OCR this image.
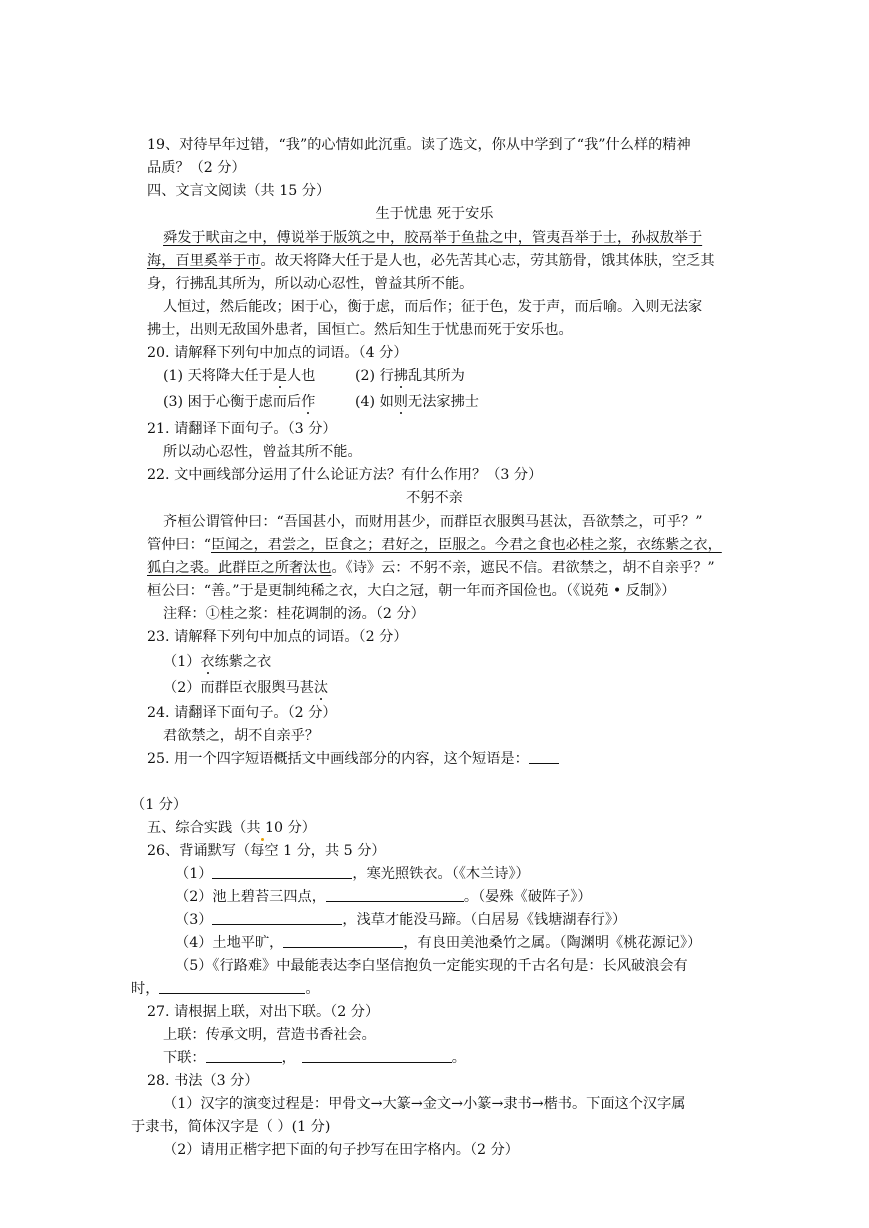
19、对待早年过错，“我”的心情如此沉重。读了选文，你从中学到了“我”什么样的精神
品质？（2 分）
四、文言文阅读（共 15 分）
生于忧患 死于安乐
舜发于畎亩之中，傅说举于版筑之中，胶鬲举于鱼盐之中，管夷吾举于士，孙叔敖举于
海，百里奚举于市。故天将降大任于是人也，必先苦其心志，劳其筋骨，饿其体肤，空乏其
身，行拂乱其所为，所以动心忍性，曾益其所不能。
人恒过，然后能改；困于心，衡于虑，而后作；征于色，发于声，而后喻。入则无法家
拂士，出则无敌国外患者，国恒亡。然后知生于忧患而死于安乐也。
20. 请解释下列句中加点的词语。（4 分）
(1) 天将降大任于是人也	(2) 行拂乱其所为
(3) 困于心衡于虑而后作	(4) 如则无法家拂士
21. 请翻译下面句子。（3 分）
所以动心忍性，曾益其所不能。
22. 文中画线部分运用了什么论证方法？有什么作用？（3 分）
不躬不亲
齐桓公谓管仲曰：“吾国甚小，而财用甚少，而群臣衣服舆马甚汰，吾欲禁之，可乎？”
管仲曰：“臣闻之，君尝之，臣食之；君好之，臣服之。今君之食也必桂之浆，衣练紫之衣，
狐白之裘。此群臣之所奢汰也。《诗》云：不躬不亲，遮民不信。君欲禁之，胡不自亲乎？”
桓公曰：“善。”于是更制纯稀之衣，大白之冠，朝一年而齐国俭也。（《说苑 • 反制》）
注释：①桂之浆：桂花调制的汤。（2 分）
23. 请解释下列句中加点的词语。（2 分）
（1）衣练紫之衣
（2）而群臣衣服舆马甚汰
24. 请翻译下面句子。（2 分）
君欲禁之，胡不自亲乎？
25. 用一个四字短语概括文中画线部分的内容，这个短语是：
（1 分）
五、综合实践（共 10 分）
26、背诵默写（每空 1 分，共 5 分）
（1）	，寒光照铁衣。（《木兰诗》）
（2）池上碧苔三四点，	。（晏殊《破阵子》）
（3）	，浅草才能没马蹄。（白居易《钱塘湖春行》）
（4）土地平旷，	，有良田美池桑竹之属。（陶渊明《桃花源记》）
（5）《行路难》中最能表达李白坚信抱负一定能实现的千古名句是：长风破浪会有
时，	。
27. 请根据上联，对出下联。（2 分）
上联：传承文明，营造书香社会。
下联：	，	。
28. 书法（3 分）
（1）汉字的演变过程是：甲骨文→大篆→金文→小篆→隶书→楷书。下面这个汉字属
于隶书，简体汉字是（ ）(1 分)
（2）请用正楷字把下面的句子抄写在田字格内。（2 分）
